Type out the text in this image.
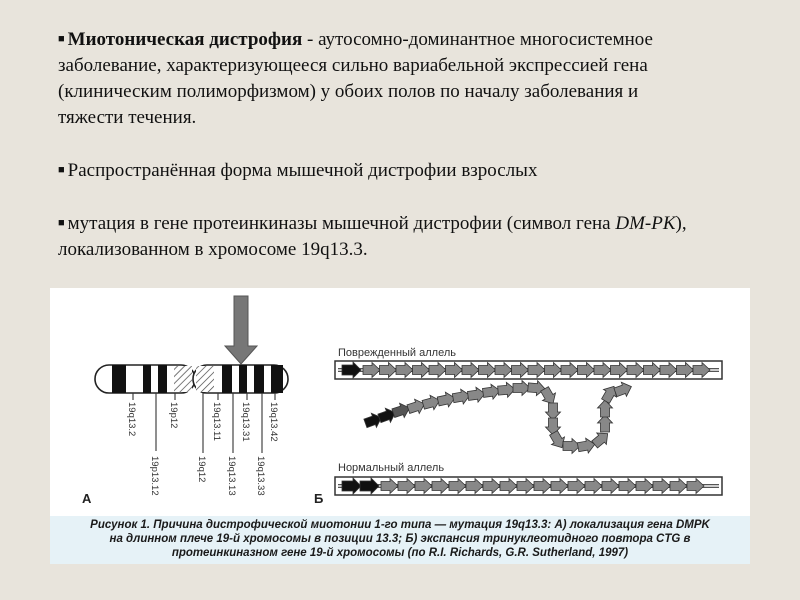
■ Миотоническая дистрофия - аутосомно-доминантное многосистемное заболевание, характеризующееся сильно вариабельной экспрессией гена (клиническим полиморфизмом) у обоих полов по началу заболевания и тяжести течения.

■ Распространённая форма мышечной дистрофии взрослых

■ мутация в гене протеинкиназы мышечной дистрофии (символ гена DM-PK), локализованном в хромосоме 19q13.3.

19q13.2	19p12	19q13.11 19q13.31 19q13.42
19p13.12	19q12 19q13.13 19q13.33
А
Поврежденный аллель
Нормальный аллель
Б
Рисунок 1. Причина дистрофической миотонии 1-го типа — мутация 19q13.3: А) локализация гена DMPK
на длинном плече 19-й хромосомы в позиции 13.3; Б) экспансия тринуклеотидного повтора CTG в
протеинкиназном гене 19-й хромосомы (по R.I. Richards, G.R. Sutherland, 1997)
